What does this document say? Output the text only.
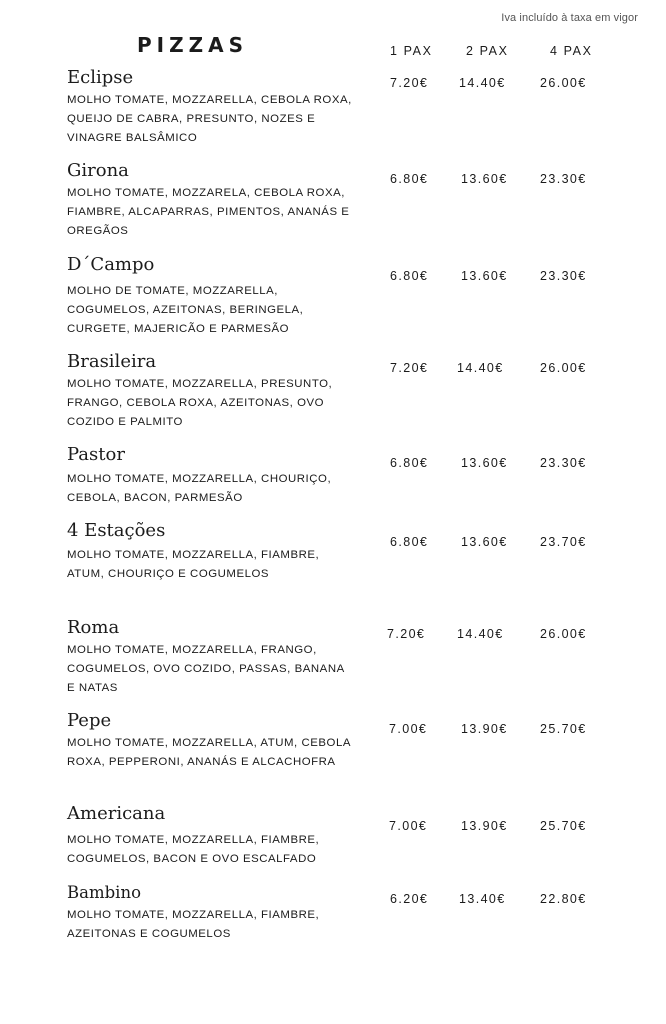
Iva incluído à taxa em vigor
PIZZAS	1 PAX	2 PAX	4 PAX
Eclipse
MOLHO TOMATE, MOZZARELLA, CEBOLA ROXA, QUEIJO DE CABRA, PRESUNTO, NOZES E VINAGRE BALSÂMICO
7.20€ 14.40€	26.00€
Girona
MOLHO TOMATE, MOZZARELA, CEBOLA ROXA, FIAMBRE, ALCAPARRAS, PIMENTOS, ANANÁS E OREGÃOS
6.80€	13.60€	23.30€
D´Campo
MOLHO DE TOMATE, MOZZARELLA, COGUMELOS, AZEITONAS, BERINGELA, CURGETE, MAJERICÃO E PARMESÃO
6.80€	13.60€	23.30€
Brasileira
MOLHO TOMATE, MOZZARELLA, PRESUNTO, FRANGO, CEBOLA ROXA, AZEITONAS, OVO COZIDO E PALMITO
7.20€ 14.40€	26.00€
Pastor
MOLHO TOMATE, MOZZARELLA, CHOURIÇO, CEBOLA, BACON, PARMESÃO
6.80€	13.60€	23.30€
4 Estações
MOLHO TOMATE, MOZZARELLA, FIAMBRE, ATUM, CHOURIÇO E COGUMELOS
6.80€	13.60€	23.70€
Roma
MOLHO TOMATE, MOZZARELLA, FRANGO, COGUMELOS, OVO COZIDO, PASSAS, BANANA E NATAS
7.20€	14.40€	26.00€
Pepe
MOLHO TOMATE, MOZZARELLA, ATUM, CEBOLA ROXA, PEPPERONI, ANANÁS E ALCACHOFRA
7.00€	13.90€	25.70€
Americana
MOLHO TOMATE, MOZZARELLA, FIAMBRE, COGUMELOS, BACON E OVO ESCALFADO
7.00€	13.90€	25.70€
Bambino
MOLHO TOMATE, MOZZARELLA, FIAMBRE, AZEITONAS E COGUMELOS
6.20€ 13.40€	22.80€
